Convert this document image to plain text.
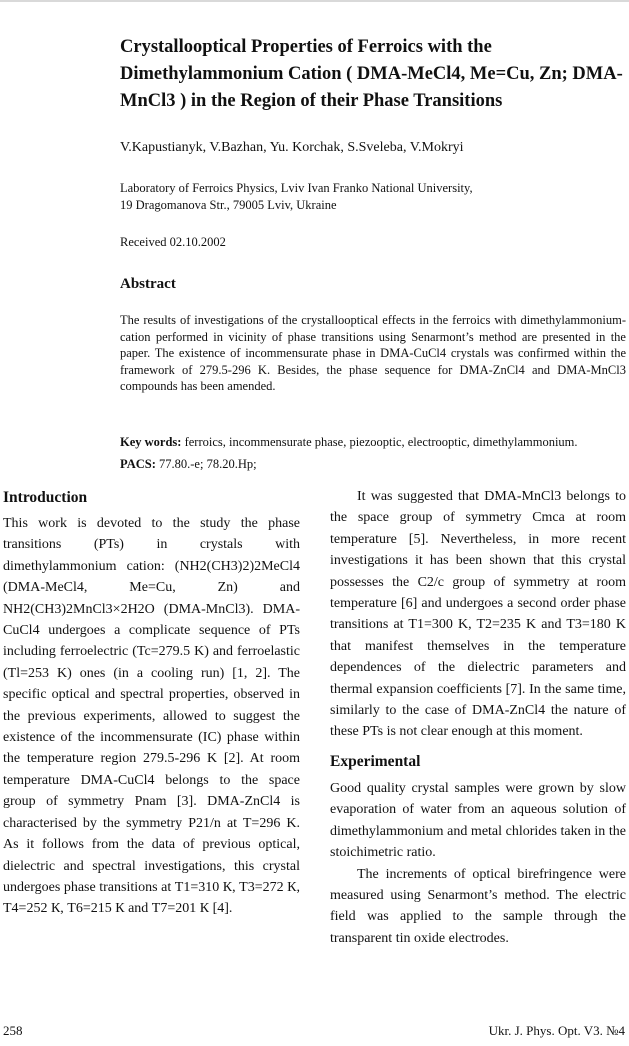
Crystallooptical Properties of Ferroics with the Dimethylammonium Cation ( DMA-MeCl4, Me=Cu, Zn; DMA-MnCl3 ) in the Region of their Phase Transitions
V.Kapustianyk, V.Bazhan, Yu. Korchak, S.Sveleba, V.Mokryi
Laboratory of Ferroics Physics, Lviv Ivan Franko National University,
19 Dragomanova Str., 79005 Lviv, Ukraine
Received 02.10.2002
Abstract
The results of investigations of the crystallooptical effects in the ferroics with dimethylammonium-cation performed in vicinity of phase transitions using Senarmont’s method are presented in the paper. The existence of incommensurate phase in DMA-CuCl4 crystals was confirmed within the framework of 279.5-296 K. Besides, the phase sequence for DMA-ZnCl4 and DMA-MnCl3 compounds has been amended.
Key words: ferroics, incommensurate phase, piezooptic, electrooptic, dimethylammonium.
PACS: 77.80.-e; 78.20.Hp;
Introduction

This work is devoted to the study the phase transitions (PTs) in crystals with dimethylammonium cation: (NH2(CH3)2)2MeCl4 (DMA-MeCl4, Me=Cu, Zn) and NH2(CH3)2MnCl3×2H2O (DMA-MnCl3). DMA-CuCl4 undergoes a complicate sequence of PTs including ferroelectric (Tc=279.5 K) and ferroelastic (Tl=253 K) ones (in a cooling run) [1, 2]. The specific optical and spectral properties, observed in the previous experiments, allowed to suggest the existence of the incommensurate (IC) phase within the temperature region 279.5-296 K [2]. At room temperature DMA-CuCl4 belongs to the space group of symmetry Pnam [3]. DMA-ZnCl4 is characterised by the symmetry P21/n at T=296 K. As it follows from the data of previous optical, dielectric and spectral investigations, this crystal undergoes phase transitions at Т1=310 К, Т3=272 К, Т4=252 К, Т6=215 К and Т7=201 К [4].

It was suggested that DMA-MnCl3 belongs to the space group of symmetry Cmca at room temperature [5]. Nevertheless, in more recent investigations it has been shown that this crystal possesses the C2/c group of symmetry at room temperature [6] and undergoes a second order phase transitions at T1=300 K, T2=235 K and T3=180 K that manifest themselves in the temperature dependences of the dielectric parameters and thermal expansion coefficients [7]. In the same time, similarly to the case of DMA-ZnCl4 the nature of these PTs is not clear enough at this moment.

Experimental

Good quality crystal samples were grown by slow evaporation of water from an aqueous solution of dimethylammonium and metal chlorides taken in the stoichimetric ratio.

The increments of optical birefringence were measured using Senarmont’s method. The electric field was applied to the sample through the transparent tin oxide electrodes.

258	Ukr. J. Phys. Opt. V3. №4
